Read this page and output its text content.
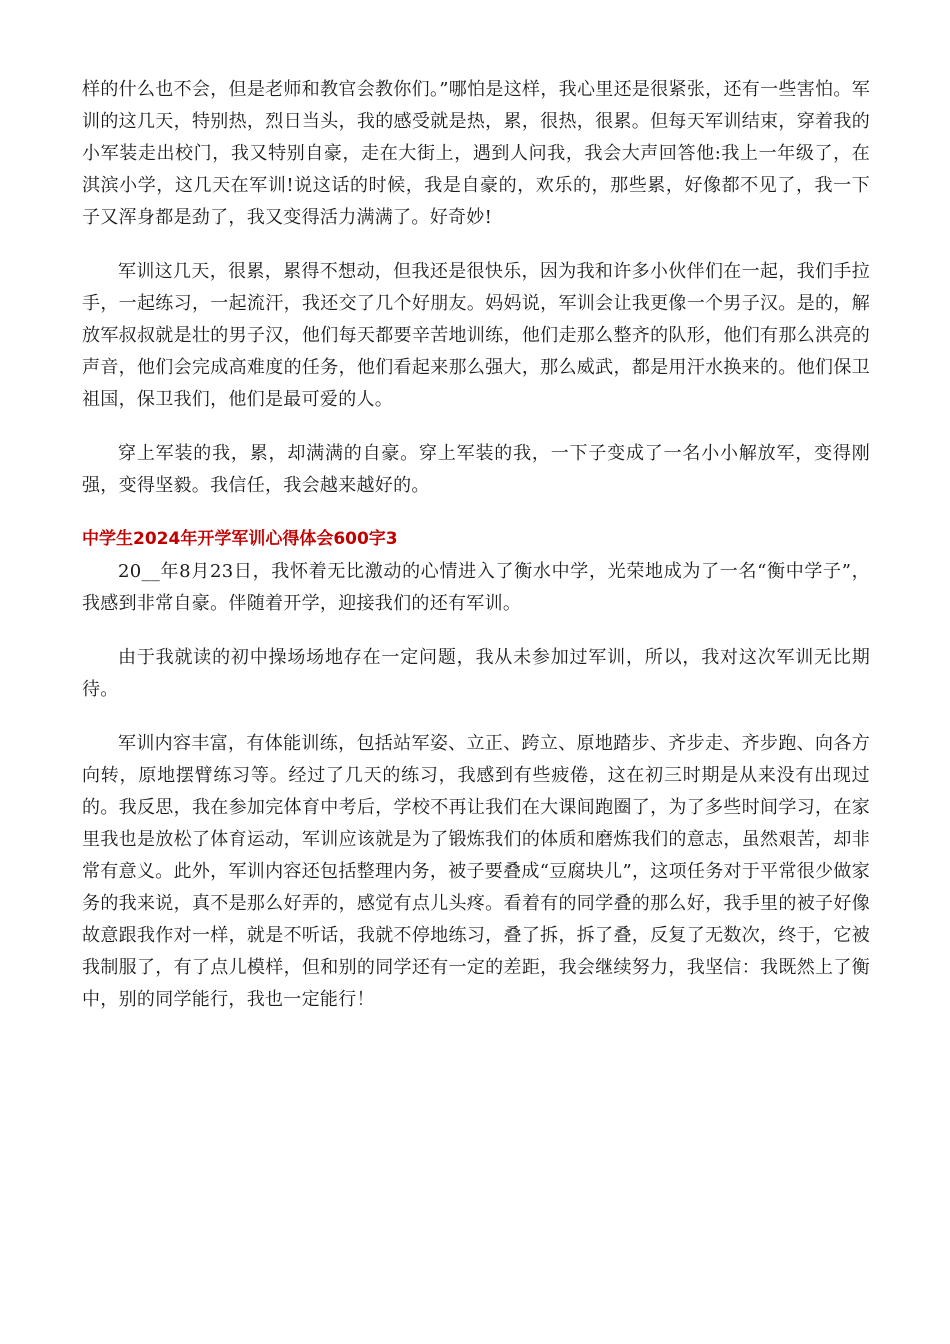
样的什么也不会，但是老师和教官会教你们。”哪怕是这样，我心里还是很紧张，还有一些害怕。军训的这几天，特别热，烈日当头，我的感受就是热，累，很热，很累。但每天军训结束，穿着我的小军装走出校门，我又特别自豪，走在大街上，遇到人问我，我会大声回答他:我上一年级了，在淇滨小学，这几天在军训!说这话的时候，我是自豪的，欢乐的，那些累，好像都不见了，我一下子又浑身都是劲了，我又变得活力满满了。好奇妙!

军训这几天，很累，累得不想动，但我还是很快乐，因为我和许多小伙伴们在一起，我们手拉手，一起练习，一起流汗，我还交了几个好朋友。妈妈说，军训会让我更像一个男子汉。是的，解放军叔叔就是壮的男子汉，他们每天都要辛苦地训练，他们走那么整齐的队形，他们有那么洪亮的声音，他们会完成高难度的任务，他们看起来那么强大，那么威武，都是用汗水换来的。他们保卫祖国，保卫我们，他们是最可爱的人。

穿上军装的我，累，却满满的自豪。穿上军装的我，一下子变成了一名小小解放军，变得刚强，变得坚毅。我信任，我会越来越好的。

中学生2024年开学军训心得体会600字3

20__年8月23日，我怀着无比激动的心情进入了衡水中学，光荣地成为了一名“衡中学子”，我感到非常自豪。伴随着开学，迎接我们的还有军训。

由于我就读的初中操场场地存在一定问题，我从未参加过军训，所以，我对这次军训无比期待。

军训内容丰富，有体能训练，包括站军姿、立正、跨立、原地踏步、齐步走、齐步跑、向各方向转，原地摆臂练习等。经过了几天的练习，我感到有些疲倦，这在初三时期是从来没有出现过的。我反思，我在参加完体育中考后，学校不再让我们在大课间跑圈了，为了多些时间学习，在家里我也是放松了体育运动，军训应该就是为了锻炼我们的体质和磨炼我们的意志，虽然艰苦，却非常有意义。此外，军训内容还包括整理内务，被子要叠成“豆腐块儿”，这项任务对于平常很少做家务的我来说，真不是那么好弄的，感觉有点儿头疼。看着有的同学叠的那么好，我手里的被子好像故意跟我作对一样，就是不听话，我就不停地练习，叠了拆，拆了叠，反复了无数次，终于，它被我制服了，有了点儿模样，但和别的同学还有一定的差距，我会继续努力，我坚信：我既然上了衡中，别的同学能行，我也一定能行！
